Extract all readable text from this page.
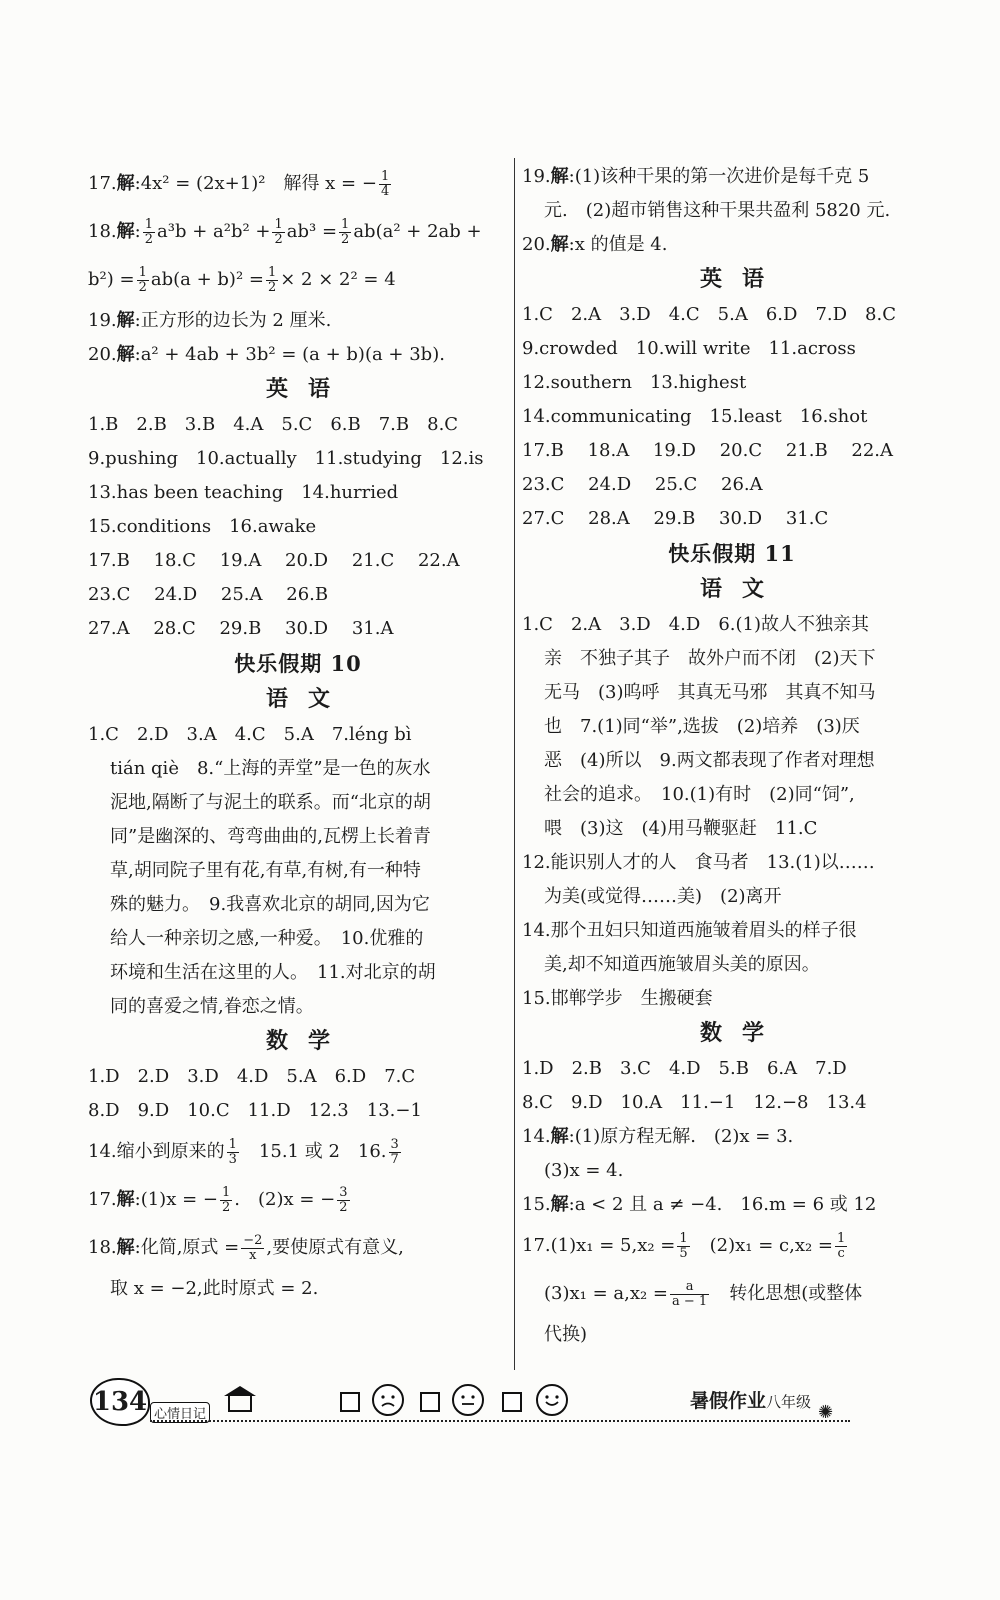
17.解:4x² = (2x+1)²　解得 x = − $\frac{1}{4}$
18.解: $\frac{1}{2} a^3b + a^2b^2 + \frac{1}{2} ab^3 = \frac{1}{2} ab(a^2 + 2ab$ +
$b^2) = \frac{1}{2} ab(a + b)^2 = \frac{1}{2} \times 2 \times 2^2 = 4$
19.解:正方形的边长为 2 厘米.
20.解:a² + 4ab + 3b² = (a + b)(a + 3b).
英语
1.B　2.B　3.B　4.A　5.C　6.B　7.B　8.C
9.pushing　10.actually　11.studying　12.is
13.has been teaching　14.hurried
15.conditions　16.awake
17.B　 18.C　 19.A　 20.D　 21.C　 22.A
23.C　 24.D　 25.A　 26.B
27.A　 28.C　 29.B　 30.D　 31.A
快乐假期 10
语文
1.C　2.D　3.A　4.C　5.A　7.léng bì
tián qiè　8.“上海的弄堂”是一色的灰水
泥地,隔断了与泥土的联系。而“北京的胡
同”是幽深的、弯弯曲曲的,瓦楞上长着青
草,胡同院子里有花,有草,有树,有一种特
殊的魅力。　9.我喜欢北京的胡同,因为它
给人一种亲切之感,一种爱。　10.优雅的
环境和生活在这里的人。　11.对北京的胡
同的喜爱之情,眷恋之情。
数学
1.D　2.D　3.D　4.D　5.A　6.D　7.C
8.D　9.D　10.C　11.D　12.3　13.−1
14.缩小到原来的 $\frac{1}{3}$ 　15.1 或 2　16. $\frac{3}{7}$
17.解:(1)x = − $\frac{1}{2}$ .　(2)x = − $\frac{3}{2}$
18.解:化简,原式 = $\frac{-2}{x}$ ,要使原式有意义,
取 x = −2,此时原式 = 2.
19.解:(1)该种干果的第一次进价是每千克 5
元.　(2)超市销售这种干果共盈利 5820 元.
20.解:x 的值是 4.
英语
1.C　2.A　3.D　4.C　5.A　6.D　7.D　8.C
9.crowded　10.will write　11.across
12.southern　13.highest
14.communicating　15.least　16.shot
17.B　 18.A　 19.D　 20.C　 21.B　 22.A
23.C　 24.D　 25.C　 26.A
27.C　 28.A　 29.B　 30.D　 31.C
快乐假期 11
语文
1.C　2.A　3.D　4.D　6.(1)故人不独亲其
亲　不独子其子　故外户而不闭　(2)天下
无马　(3)呜呼　其真无马邪　其真不知马
也　7.(1)同“举”,选拔　(2)培养　(3)厌
恶　(4)所以　9.两文都表现了作者对理想
社会的追求。　10.(1)有时　(2)同“饲”,
喂　(3)这　(4)用马鞭驱赶　11.C
12.能识别人才的人　食马者　13.(1)以……
为美(或觉得……美)　(2)离开
14.那个丑妇只知道西施皱着眉头的样子很
美,却不知道西施皱眉头美的原因。
15.邯郸学步　生搬硬套
数学
1.D　2.B　3.C　4.D　5.B　6.A　7.D
8.C　9.D　10.A　11.−1　12.−8　13.4
14.解:(1)原方程无解.　(2)x = 3.
(3)x = 4.
15.解:a < 2 且 a ≠ −4.　16.m = 6 或 12
$17.(1)x_1 = 5,x_2 = \frac{1}{5}$ 　$(2)x_1 = c,x_2 = \frac{1}{c}$
$(3)x_1 = a,x_2 = \frac{a}{a - 1}$ 　转化思想(或整体
代换)
134 心情日记
暑假作业八年级 ✺
